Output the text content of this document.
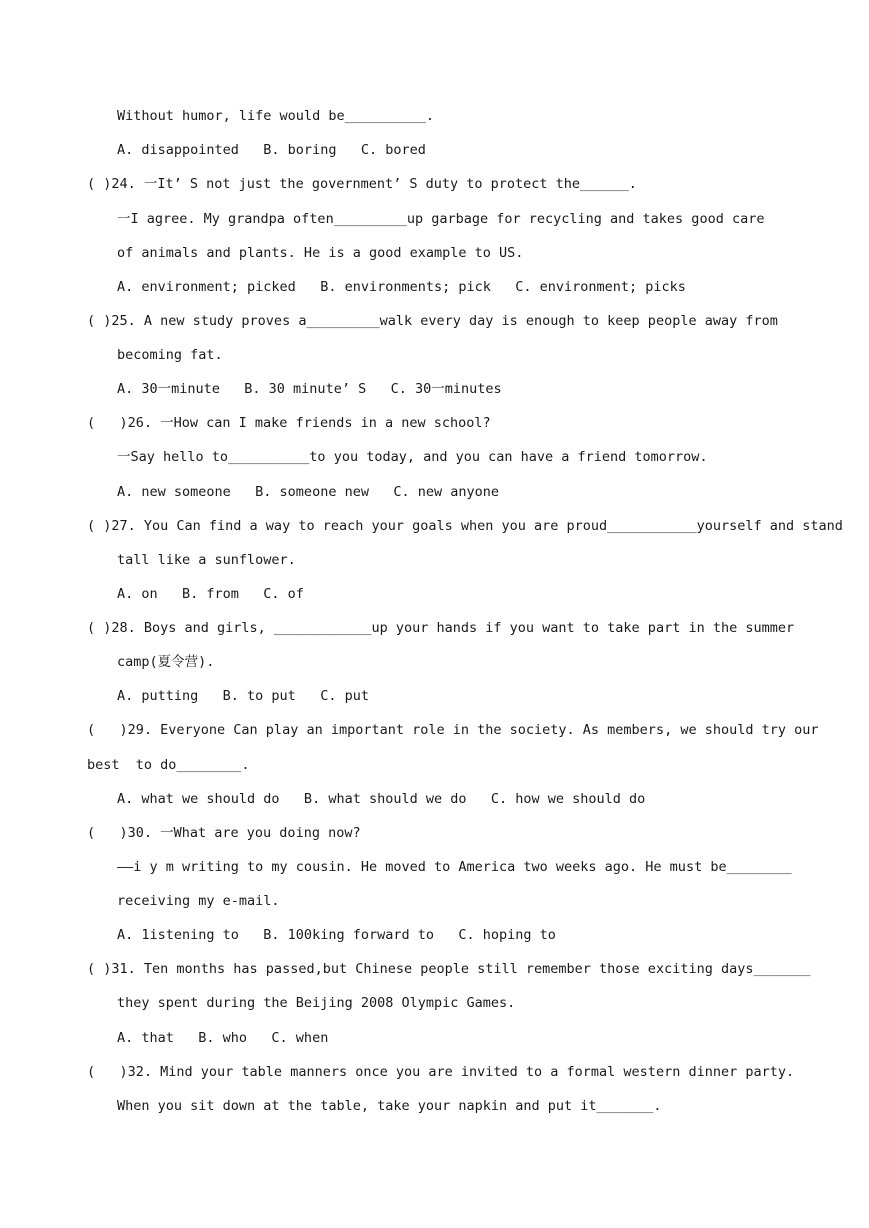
Without humor, life would be__________.
A. disappointed   B. boring   C. bored
( )24. 一It’ S not just the government’ S duty to protect the______.
一I agree. My grandpa often_________up garbage for recycling and takes good care
of animals and plants. He is a good example to US.
A. environment; picked   B. environments; pick   C. environment; picks
( )25. A new study proves a_________walk every day is enough to keep people away from
becoming fat.
A. 30一minute   B. 30 minute’ S   C. 30一minutes
(   )26. 一How can I make friends in a new school?
一Say hello to__________to you today, and you can have a friend tomorrow.
A. new someone   B. someone new   C. new anyone
( )27. You Can find a way to reach your goals when you are proud___________yourself and stand
tall like a sunflower.
A. on   B. from   C. of
( )28. Boys and girls, ____________up your hands if you want to take part in the summer
camp(夏令营).
A. putting   B. to put   C. put
(   )29. Everyone Can play an important role in the society. As members, we should try our
best  to do________.
A. what we should do   B. what should we do   C. how we should do
(   )30. 一What are you doing now?
——i y m writing to my cousin. He moved to America two weeks ago. He must be________
receiving my e-mail.
A. 1istening to   B. 100king forward to   C. hoping to
( )31. Ten months has passed,but Chinese people still remember those exciting days_______
they spent during the Beijing 2008 Olympic Games.
A. that   B. who   C. when
(   )32. Mind your table manners once you are invited to a formal western dinner party.
When you sit down at the table, take your napkin and put it_______.
